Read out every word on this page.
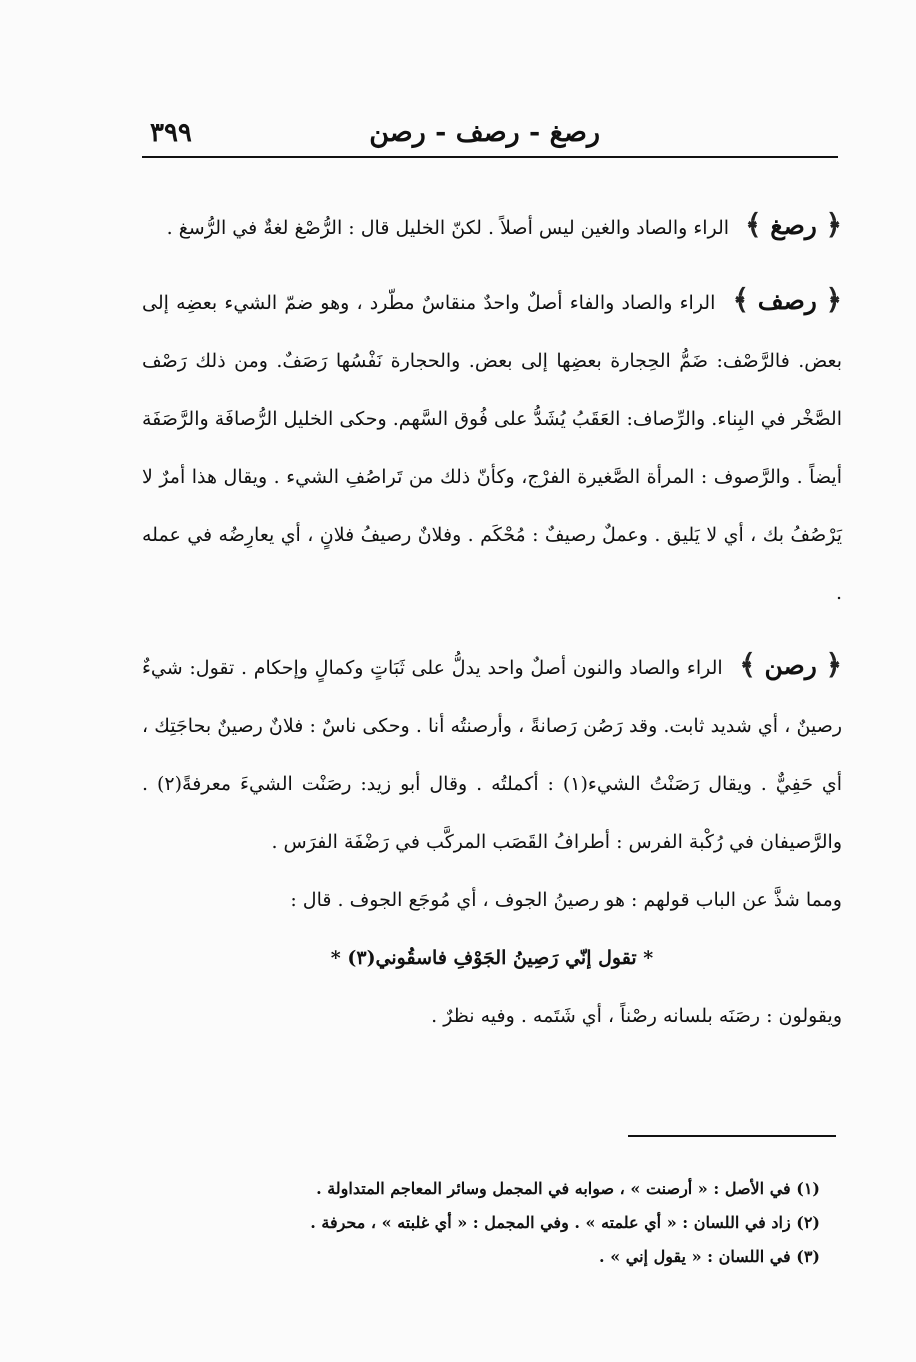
رصغ - رصف - رصن
٣٩٩

﴿ رصغ ﴾ الراء والصاد والغين ليس أصلاً . لكنّ الخليل قال : الرُّصْغ لغةٌ في الرُّسغ .

﴿ رصف ﴾ الراء والصاد والفاء أصلٌ واحدٌ منقاسٌ مطّرد ، وهو ضمّ الشيء بعضِه إلى بعض. فالرَّصْف: ضَمُّ الحِجارة بعضِها إلى بعض. والحجارة نَفْسُها رَصَفٌ. ومن ذلك رَصْف الصَّخْر في البِناء. والرِّصاف: العَقَبُ يُشَدُّ على فُوق السَّهم. وحكى الخليل الرُّصافَة والرَّصَفَة أيضاً . والرَّصوف : المرأة الصَّغيرة الفرْج، وكأنّ ذلك من تَراصُفِ الشيء . ويقال هذا أمرٌ لا يَرْصُفُ بك ، أي لا يَليق . وعملٌ رصيفٌ : مُحْكَم . وفلانٌ رصيفُ فلانٍ ، أي يعارِضُه في عمله .

﴿ رصن ﴾ الراء والصاد والنون أصلٌ واحد يدلُّ على ثَبَاتٍ وكمالٍ وإحكام . تقول: شيءٌ رصينٌ ، أي شديد ثابت. وقد رَصُن رَصانةً ، وأرصنتُه أنا . وحكى ناسٌ : فلانٌ رصينٌ بحاجَتِك ، أي حَفِيٌّ . ويقال رَصَنْتُ الشيء(١) : أكملتُه . وقال أبو زيد: رصَنْت الشيءَ معرفةً(٢) . والرَّصيفان في رُكْبة الفرس : أطرافُ القَصَب المركَّب في رَضْفَة الفرَس .

ومما شذَّ عن الباب قولهم : هو رصينُ الجوف ، أي مُوجَع الجوف . قال :

* تقول إنّي رَصِينُ الجَوْفِ فاسقُوني(٣) *

ويقولون : رصَنَه بلسانه رصْناً ، أي شَتَمه . وفيه نظرٌ .

(١) في الأصل : « أرصنت » ، صوابه في المجمل وسائر المعاجم المتداولة .
(٢) زاد في اللسان : « أي علمته » . وفي المجمل : « أي غلبته » ، محرفة .
(٣) في اللسان : « يقول إني » .
